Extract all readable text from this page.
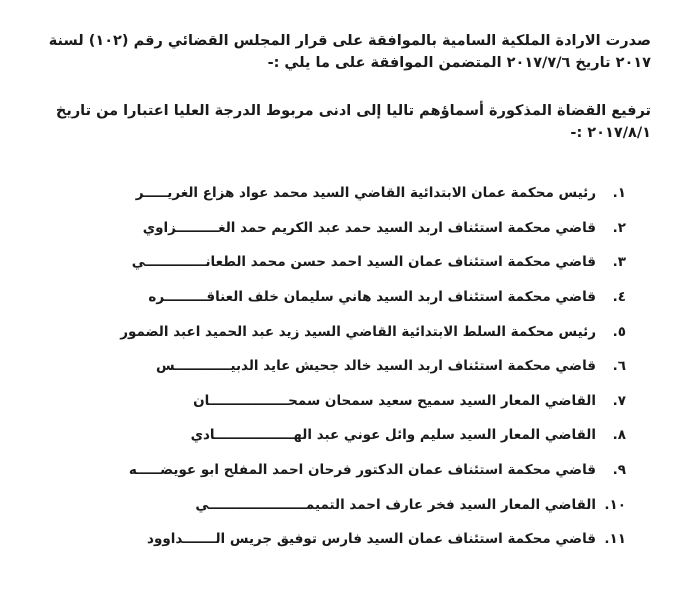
صدرت الارادة الملكية السامية بالموافقة على قرار المجلس القضائي رقم (١٠٢) لسنة ٢٠١٧ تاريخ ٢٠١٧/٧/٦ المتضمن الموافقة على ما يلي :-

ترفيع القضاة المذكورة أسماؤهم تاليا إلى ادنى مربوط الدرجة العليا اعتبارا من تاريخ ٢٠١٧/٨/١ :-

١.
رئيس محكمة عمان الابتدائية القاضي السيد محمد عواد هزاع الغريـــــر
٢.
قاضي محكمة استئناف اربد السيد حمد عبد الكريم حمد الغـــــــــزاوي
٣.
قاضي محكمة استئناف عمان السيد احمد حسن محمد الطعانـــــــــــــي
٤.
قاضي محكمة استئناف اربد السيد هاني سليمان خلف العناقـــــــــره
٥.
رئيس محكمة السلط الابتدائية القاضي السيد زيد عبد الحميد اعبد الضمور
٦.
قاضي محكمة استئناف اربد السيد خالد جحيش عايد الدبيــــــــــــس
٧.
القاضي المعار السيد سميح سعيد سمحان سمحـــــــــــــــــان
٨.
القاضي المعار السيد سليم وائل عوني عبد الهـــــــــــــــــادي
٩.
قاضي محكمة استئناف عمان الدكتور فرحان احمد المفلح ابو عويضـــــه
١٠.
القاضي المعار السيد فخر عارف احمد التميمـــــــــــــــــــــي
١١.
قاضي محكمة استئناف عمان السيد فارس توفيق جريس الـــــــداوود
